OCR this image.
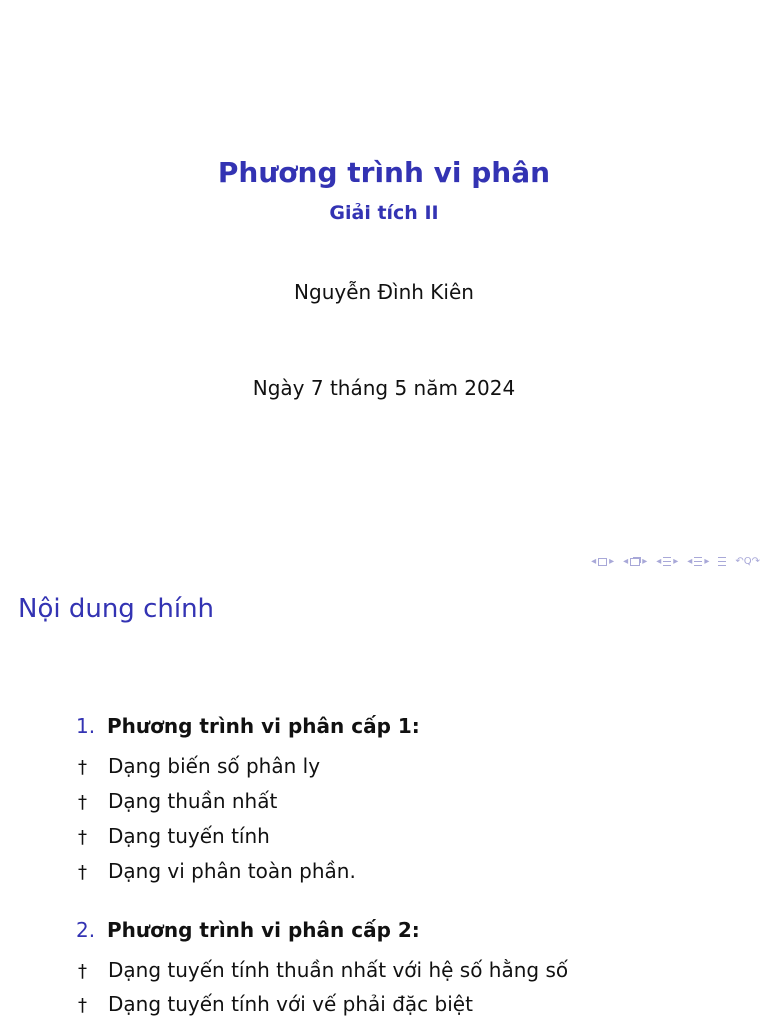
Phương trình vi phân
Giải tích II
Nguyễn Đình Kiên
Ngày 7 tháng 5 năm 2024
◂ ▸ ◂ ▸ ◂ ▸ ◂ ▸	↶Q↷
Nội dung chính
1. Phương trình vi phân cấp 1:
†	Dạng biến số phân ly
†	Dạng thuần nhất
†	Dạng tuyến tính
†	Dạng vi phân toàn phần.
2. Phương trình vi phân cấp 2:
†	Dạng tuyến tính thuần nhất với hệ số hằng số
†	Dạng tuyến tính với vế phải đặc biệt
